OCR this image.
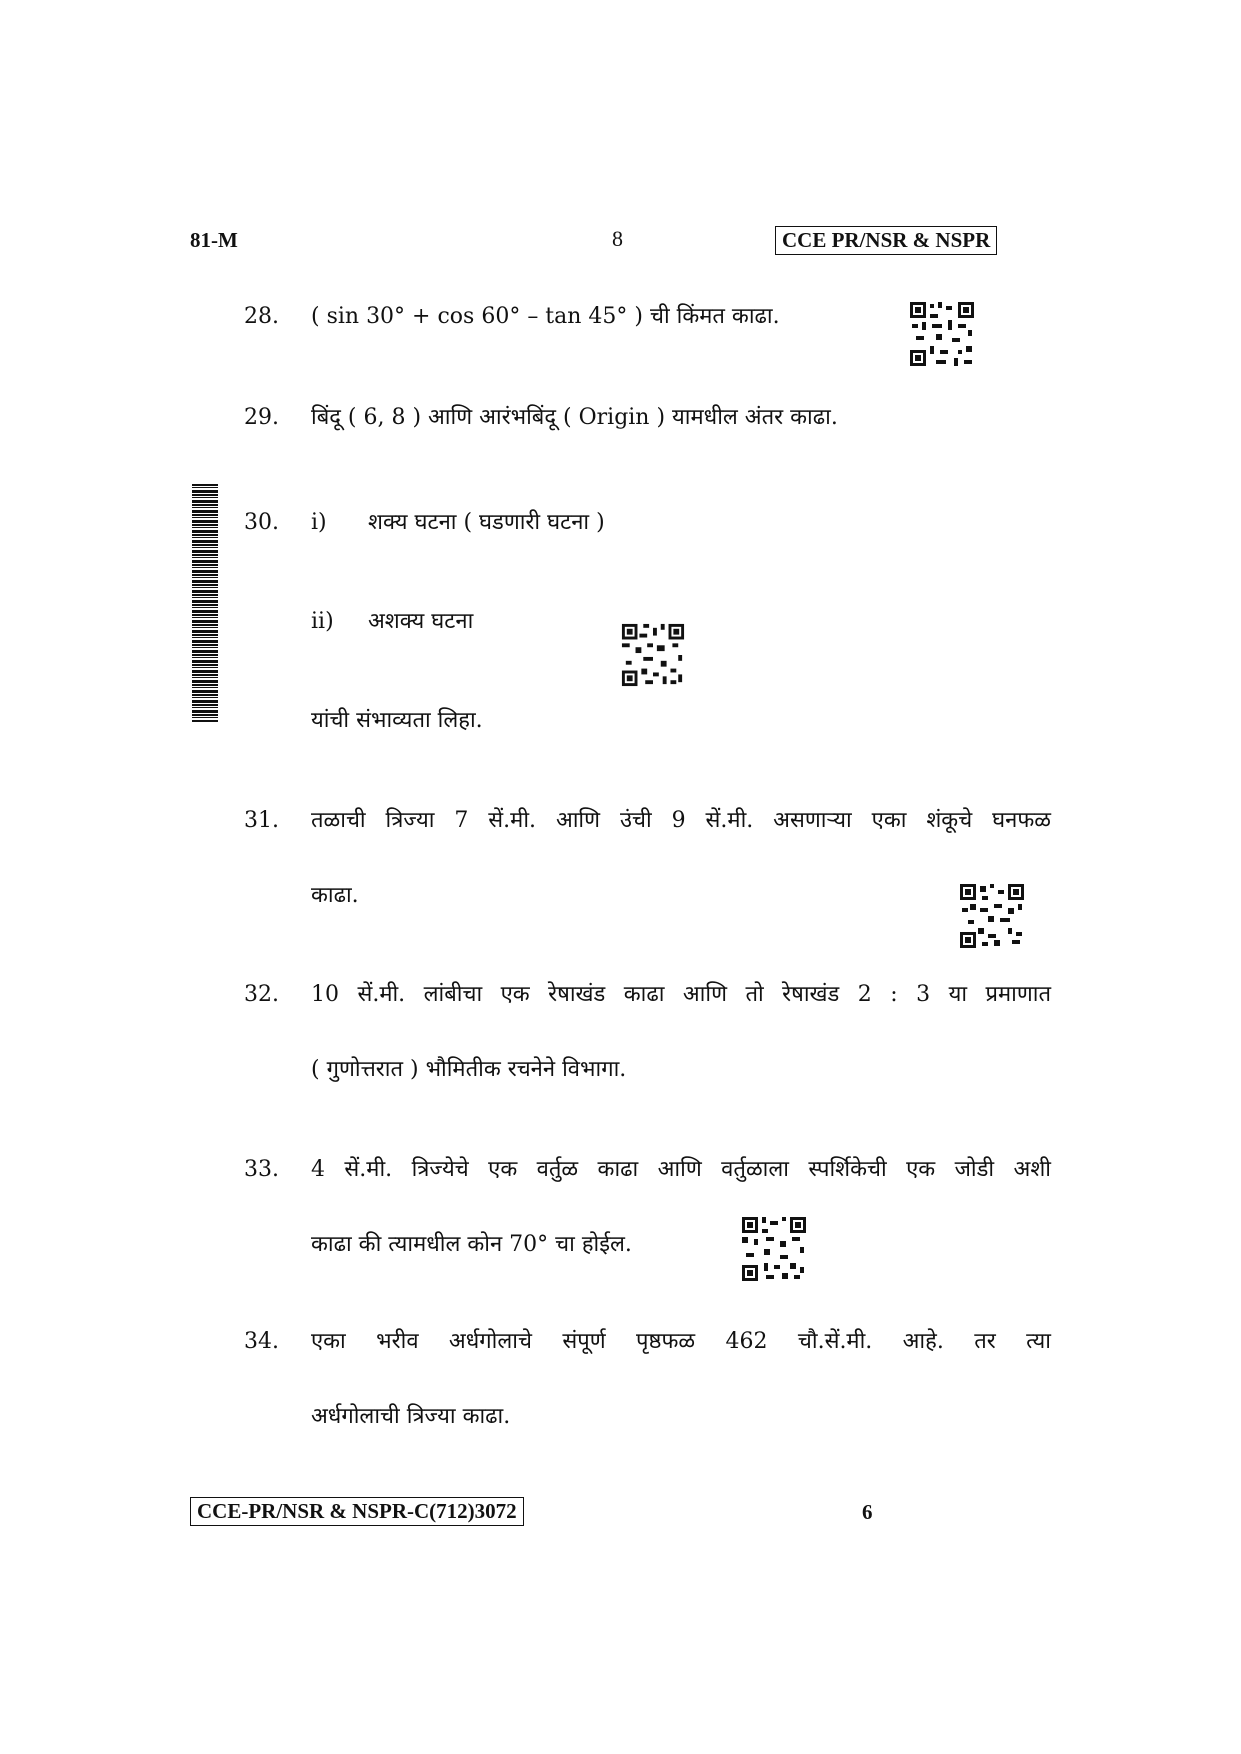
81-M	8	CCE PR/NSR & NSPR
28. ( sin 30° + cos 60° – tan 45° ) ची किंमत काढा.
29. बिंदू ( 6, 8 ) आणि आरंभबिंदू ( Origin ) यामधील अंतर काढा.
30. i) शक्य घटना ( घडणारी घटना )
ii) अशक्य घटना
यांची संभाव्यता लिहा.
31. तळाची त्रिज्या 7 सें.मी. आणि उंची 9 सें.मी. असणाऱ्या एका शंकूचे घनफळ
काढा.
32. 10 सें.मी. लांबीचा एक रेषाखंड काढा आणि तो रेषाखंड 2 : 3 या प्रमाणात
( गुणोत्तरात ) भौमितीक रचनेने विभागा.
33. 4 सें.मी. त्रिज्येचे एक वर्तुळ काढा आणि वर्तुळाला स्पर्शिकेची एक जोडी अशी
काढा की त्यामधील कोन 70° चा होईल.
34. एका भरीव अर्धगोलाचे संपूर्ण पृष्ठफळ 462 चौ.सें.मी. आहे. तर त्या
अर्धगोलाची त्रिज्या काढा.
CCE-PR/NSR & NSPR-C(712)3072	6
